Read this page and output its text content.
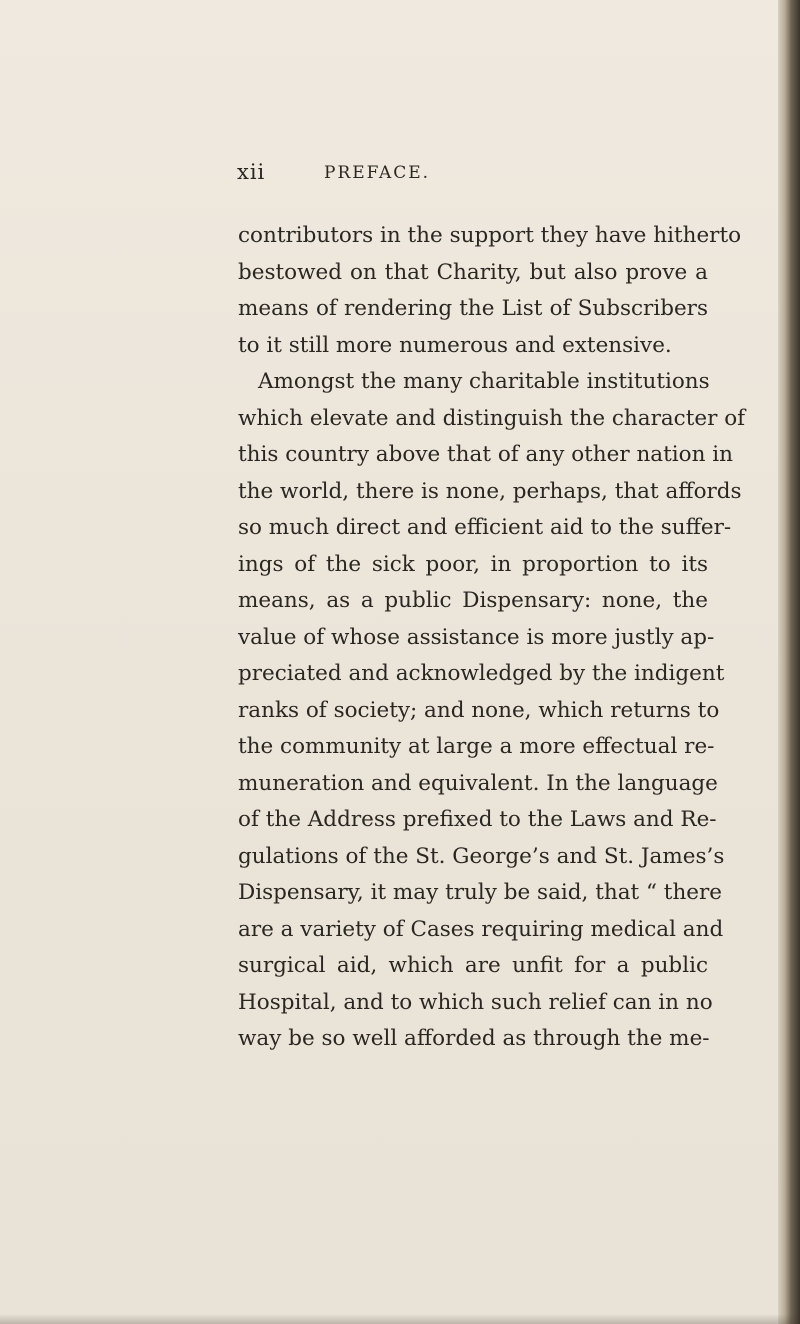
xii	PREFACE.
contributors in the support they have hitherto
bestowed on that Charity, but also prove a
means of rendering the List of Subscribers
to it still more numerous and extensive.
Amongst the many charitable institutions
which elevate and distinguish the character of
this country above that of any other nation in
the world, there is none, perhaps, that affords
so much direct and efficient aid to the suffer-
ings of the sick poor, in proportion to its
means, as a public Dispensary: none, the
value of whose assistance is more justly ap-
preciated and acknowledged by the indigent
ranks of society; and none, which returns to
the community at large a more effectual re-
muneration and equivalent. In the language
of the Address prefixed to the Laws and Re-
gulations of the St. George’s and St. James’s
Dispensary, it may truly be said, that “ there
are a variety of Cases requiring medical and
surgical aid, which are unfit for a public
Hospital, and to which such relief can in no
way be so well afforded as through the me-
